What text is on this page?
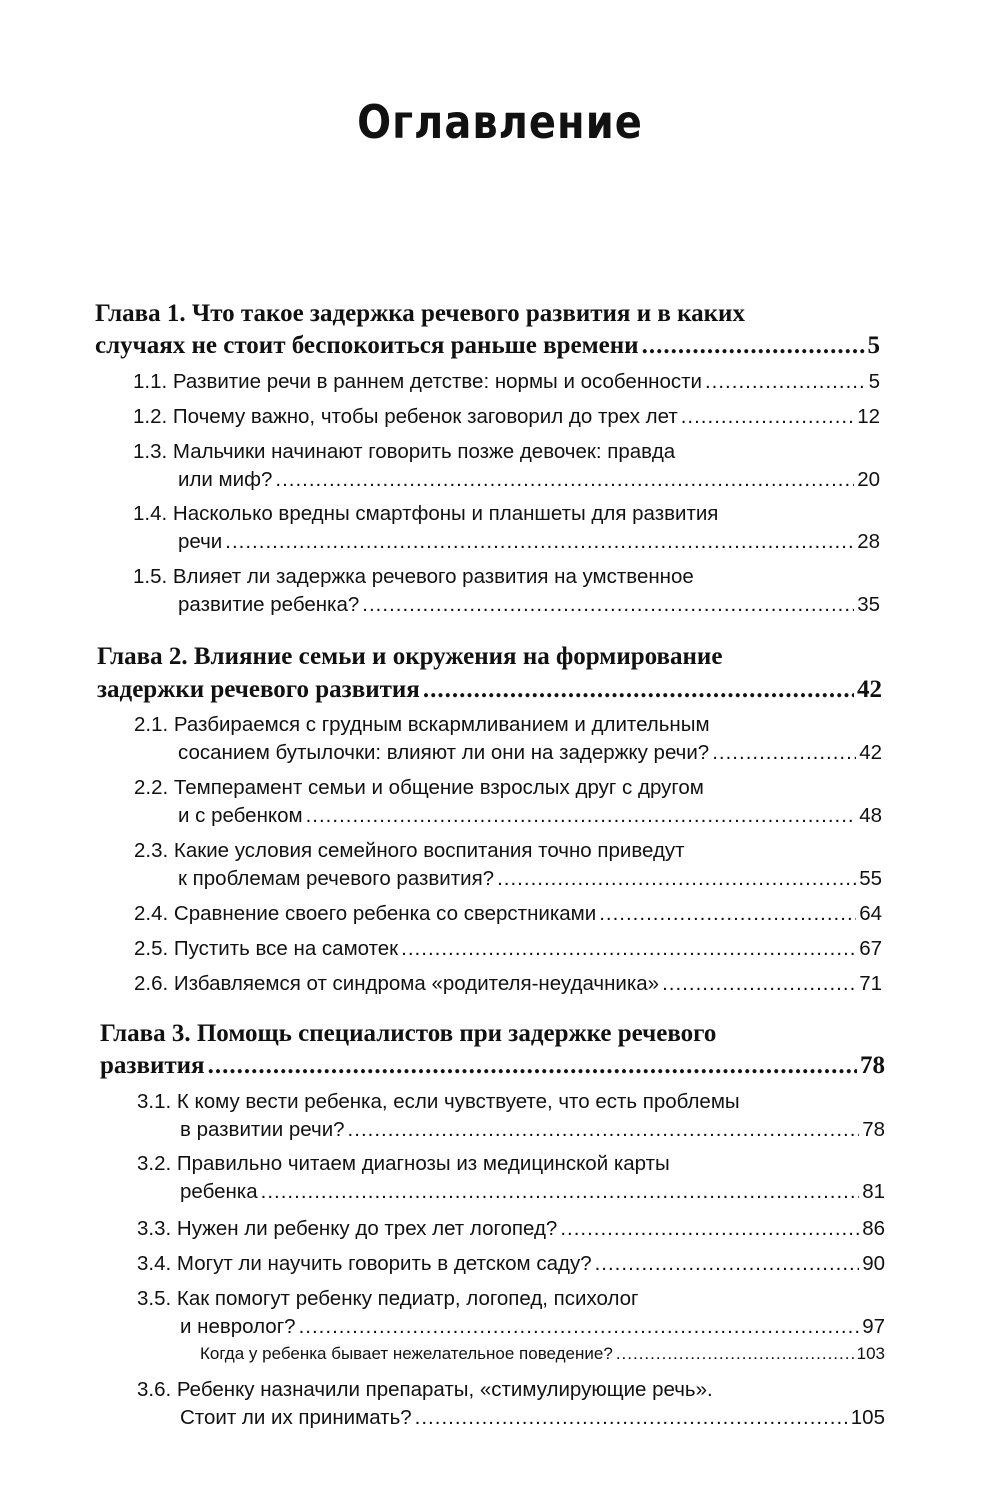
Оглавление
Глава 1. Что такое задержка речевого развития и в каких
случаях не стоит беспокоиться раньше времени .....	5
1.1. Развитие речи в раннем детстве: нормы и особенности .....	5
1.2. Почему важно, чтобы ребенок заговорил до трех лет .....	12
1.3. Мальчики начинают говорить позже девочек: правда
или миф? .....	20
1.4. Насколько вредны смартфоны и планшеты для развития
речи .....	28
1.5. Влияет ли задержка речевого развития на умственное
развитие ребенка? .....	35
Глава 2. Влияние семьи и окружения на формирование
задержки речевого развития .....	42
2.1. Разбираемся с грудным вскармливанием и длительным
сосанием бутылочки: влияют ли они на задержку речи? .....	42
2.2. Темперамент семьи и общение взрослых друг с другом
и с ребенком .....	48
2.3. Какие условия семейного воспитания точно приведут
к проблемам речевого развития? .....	55
2.4. Сравнение своего ребенка со сверстниками .....	64
2.5. Пустить все на самотек .....	67
2.6. Избавляемся от синдрома «родителя-неудачника» .....	71
Глава 3. Помощь специалистов при задержке речевого
развития .....	78
3.1. К кому вести ребенка, если чувствуете, что есть проблемы
в развитии речи? .....	78
3.2. Правильно читаем диагнозы из медицинской карты
ребенка .....	81
3.3. Нужен ли ребенку до трех лет логопед? .....	86
3.4. Могут ли научить говорить в детском саду? .....	90
3.5. Как помогут ребенку педиатр, логопед, психолог
и невролог? .....	97
Когда у ребенка бывает нежелательное поведение? .....	103
3.6. Ребенку назначили препараты, «стимулирующие речь».
Стоит ли их принимать? .....	105
